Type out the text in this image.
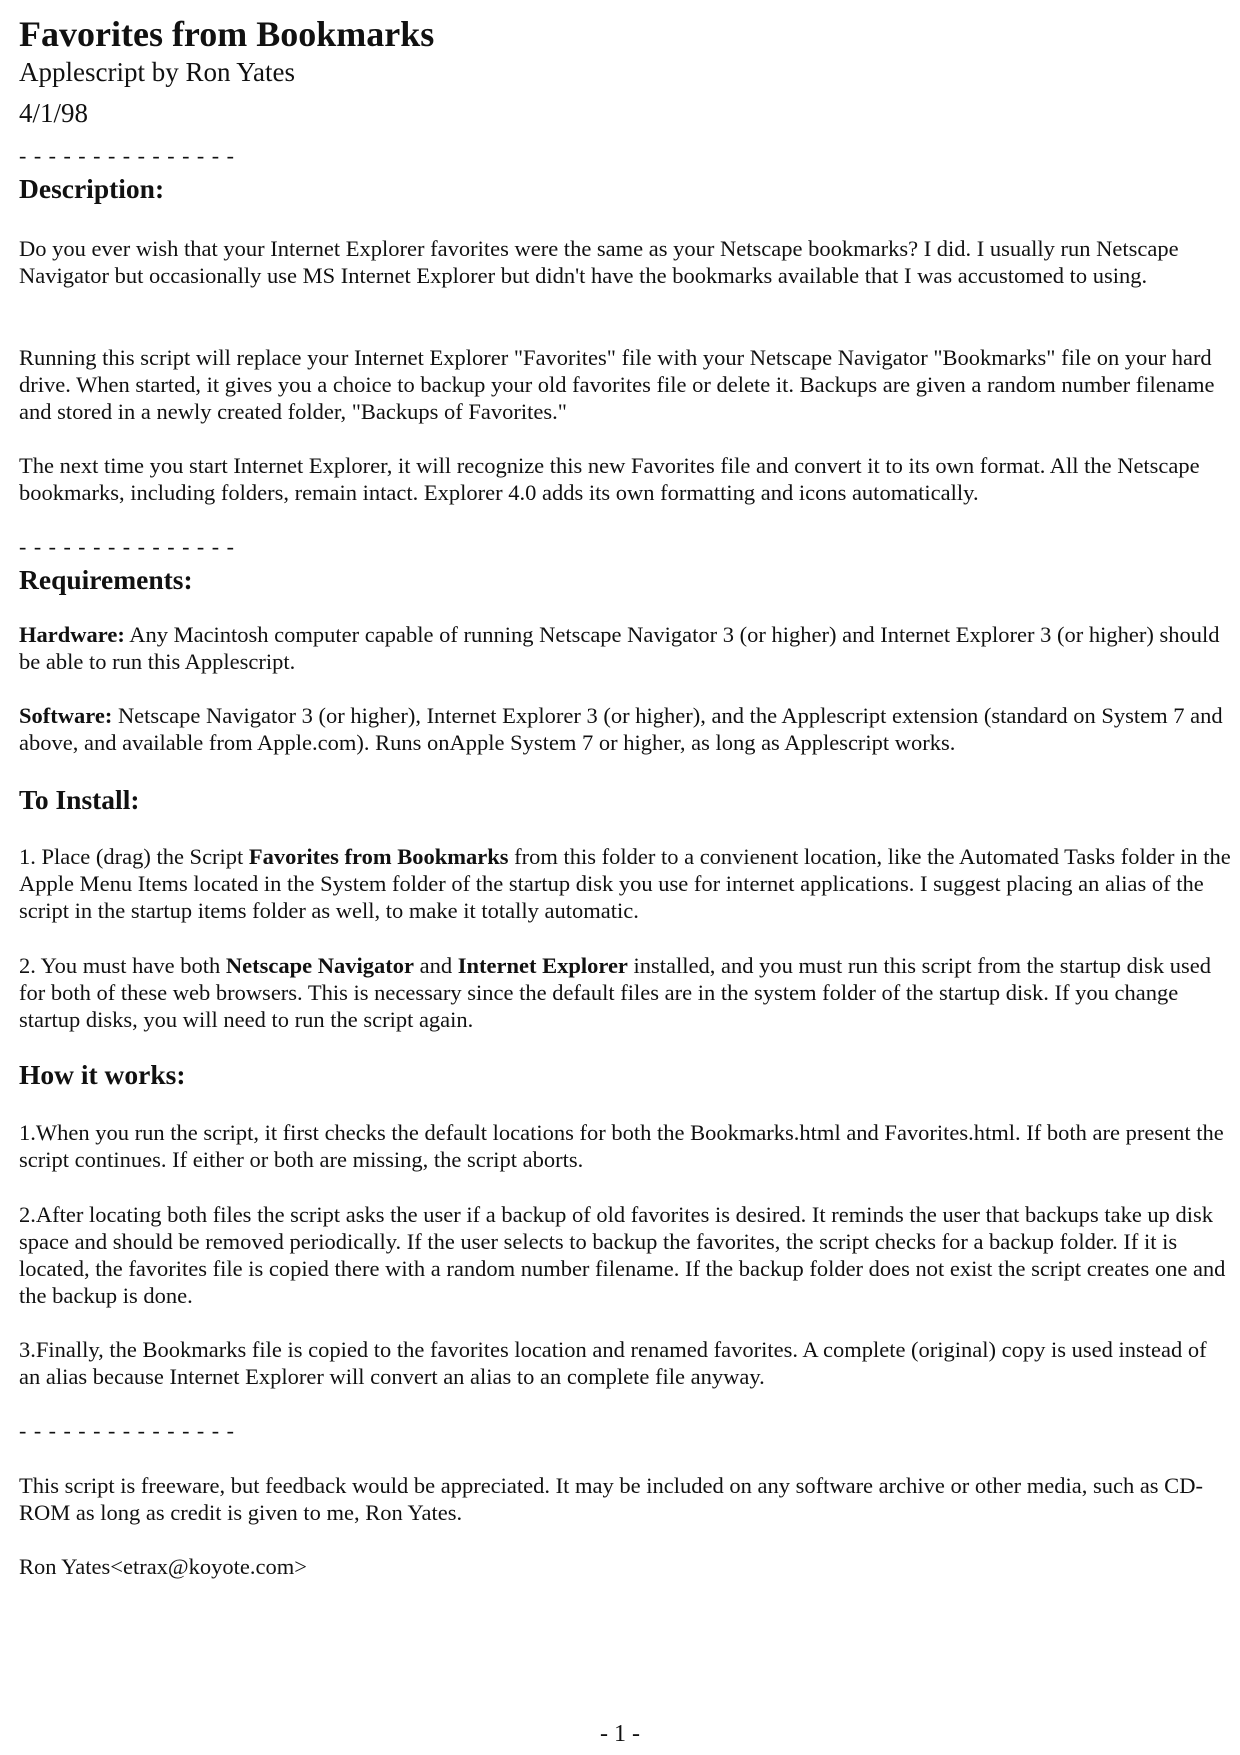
Favorites from Bookmarks
Applescript by Ron Yates
4/1/98
- - - - - - - - - - - - - - -
Description:

Do you ever wish that your Internet Explorer favorites were the same as your Netscape bookmarks? I did. I usually run Netscape Navigator but occasionally use MS Internet Explorer but didn't have the bookmarks available that I was accustomed to using.

Running this script will replace your Internet Explorer "Favorites" file with your Netscape Navigator "Bookmarks" file on your hard drive. When started, it gives you a choice to backup your old favorites file or delete it. Backups are given a random number filename and stored in a newly created folder, "Backups of Favorites."

The next time you start Internet Explorer, it will recognize this new Favorites file and convert it to its own format. All the Netscape bookmarks, including folders, remain intact. Explorer 4.0 adds its own formatting and icons automatically.

- - - - - - - - - - - - - - -
Requirements:

Hardware: Any Macintosh computer capable of running Netscape Navigator 3 (or higher) and Internet Explorer 3 (or higher) should be able to run this Applescript.

Software: Netscape Navigator 3 (or higher), Internet Explorer 3 (or higher), and the Applescript extension (standard on System 7 and above, and available from Apple.com). Runs onApple System 7 or higher, as long as Applescript works.

To Install:

1. Place (drag) the Script Favorites from Bookmarks from this folder to a convienent location, like the Automated Tasks folder in the Apple Menu Items located in the System folder of the startup disk you use for internet applications. I suggest placing an alias of the script in the startup items folder as well, to make it totally automatic.

2. You must have both Netscape Navigator and Internet Explorer installed, and you must run this script from the startup disk used for both of these web browsers. This is necessary since the default files are in the system folder of the startup disk. If you change startup disks, you will need to run the script again.

How it works:

1.When you run the script, it first checks the default locations for both the Bookmarks.html and Favorites.html. If both are present the script continues. If either or both are missing, the script aborts.

2.After locating both files the script asks the user if a backup of old favorites is desired. It reminds the user that backups take up disk space and should be removed periodically. If the user selects to backup the favorites, the script checks for a backup folder. If it is located, the favorites file is copied there with a random number filename. If the backup folder does not exist the script creates one and the backup is done.

3.Finally, the Bookmarks file is copied to the favorites location and renamed favorites. A complete (original) copy is used instead of an alias because Internet Explorer will convert an alias to an complete file anyway.

- - - - - - - - - - - - - - -

This script is freeware, but feedback would be appreciated. It may be included on any software archive or other media, such as CD-ROM as long as credit is given to me, Ron Yates.

Ron Yates<etrax@koyote.com>

- 1 -
